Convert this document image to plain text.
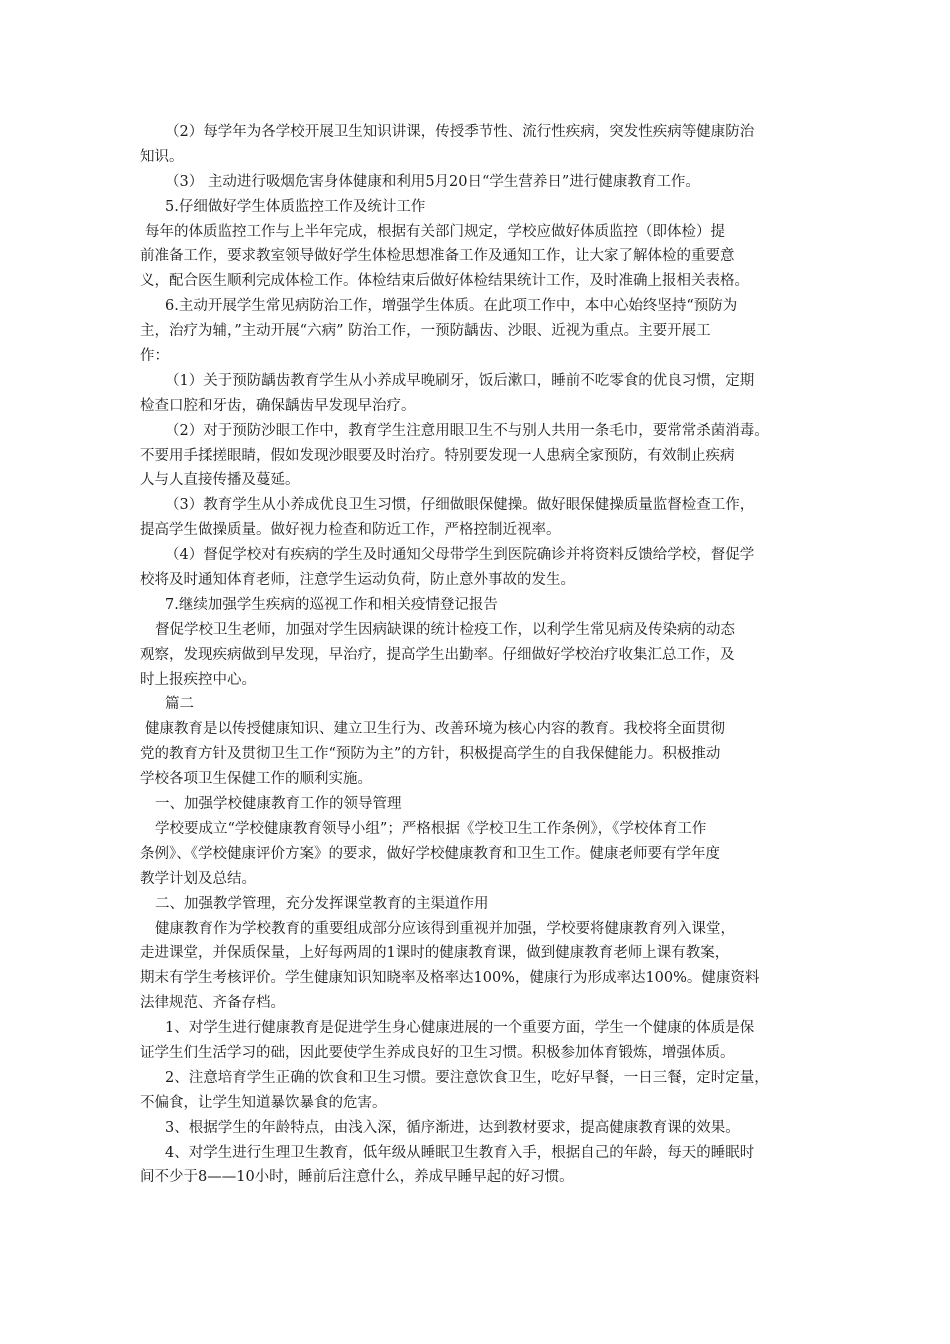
（2）每学年为各学校开展卫生知识讲课，传授季节性、流行性疾病，突发性疾病等健康防治
知识。
（3） 主动进行吸烟危害身体健康和利用5月20日“学生营养日”进行健康教育工作。
5.仔细做好学生体质监控工作及统计工作
每年的体质监控工作与上半年完成，根据有关部门规定，学校应做好体质监控（即体检）提
前准备工作，要求教室领导做好学生体检思想准备工作及通知工作，让大家了解体检的重要意
义，配合医生顺利完成体检工作。体检结束后做好体检结果统计工作，及时准确上报相关表格。
6.主动开展学生常见病防治工作，增强学生体质。在此项工作中，本中心始终坚持“预防为
主，治疗为辅，”主动开展“六病” 防治工作，一预防龋齿、沙眼、近视为重点。主要开展工
作：
（1）关于预防龋齿教育学生从小养成早晚刷牙，饭后漱口，睡前不吃零食的优良习惯，定期
检查口腔和牙齿，确保龋齿早发现早治疗。
（2）对于预防沙眼工作中，教育学生注意用眼卫生不与别人共用一条毛巾，要常常杀菌消毒。
不要用手揉搓眼睛，假如发现沙眼要及时治疗。特别要发现一人患病全家预防，有效制止疾病
人与人直接传播及蔓延。
（3）教育学生从小养成优良卫生习惯，仔细做眼保健操。做好眼保健操质量监督检查工作，
提高学生做操质量。做好视力检查和防近工作，严格控制近视率。
（4）督促学校对有疾病的学生及时通知父母带学生到医院确诊并将资料反馈给学校，督促学
校将及时通知体育老师，注意学生运动负荷，防止意外事故的发生。
7.继续加强学生疾病的巡视工作和相关疫情登记报告
督促学校卫生老师，加强对学生因病缺课的统计检疫工作，以利学生常见病及传染病的动态
观察，发现疾病做到早发现，早治疗，提高学生出勤率。仔细做好学校治疗收集汇总工作，及
时上报疾控中心。
篇二
健康教育是以传授健康知识、建立卫生行为、改善环境为核心内容的教育。我校将全面贯彻
党的教育方针及贯彻卫生工作“预防为主”的方针，积极提高学生的自我保健能力。积极推动
学校各项卫生保健工作的顺利实施。
一、加强学校健康教育工作的领导管理
学校要成立“学校健康教育领导小组”；严格根据《学校卫生工作条例》，《学校体育工作
条例》、《学校健康评价方案》的要求，做好学校健康教育和卫生工作。健康老师要有学年度
教学计划及总结。
二、加强教学管理，充分发挥课堂教育的主渠道作用
健康教育作为学校教育的重要组成部分应该得到重视并加强，学校要将健康教育列入课堂，
走进课堂，并保质保量，上好每两周的1课时的健康教育课，做到健康教育老师上课有教案，
期末有学生考核评价。学生健康知识知晓率及格率达100%，健康行为形成率达100%。健康资料
法律规范、齐备存档。
1、对学生进行健康教育是促进学生身心健康进展的一个重要方面，学生一个健康的体质是保
证学生们生活学习的础，因此要使学生养成良好的卫生习惯。积极参加体育锻炼，增强体质。
2、注意培育学生正确的饮食和卫生习惯。要注意饮食卫生，吃好早餐，一日三餐，定时定量，
不偏食，让学生知道暴饮暴食的危害。
3、根据学生的年龄特点，由浅入深，循序渐进，达到教材要求，提高健康教育课的效果。
4、对学生进行生理卫生教育，低年级从睡眠卫生教育入手，根据自己的年龄，每天的睡眠时
间不少于8——10小时，睡前后注意什么，养成早睡早起的好习惯。
